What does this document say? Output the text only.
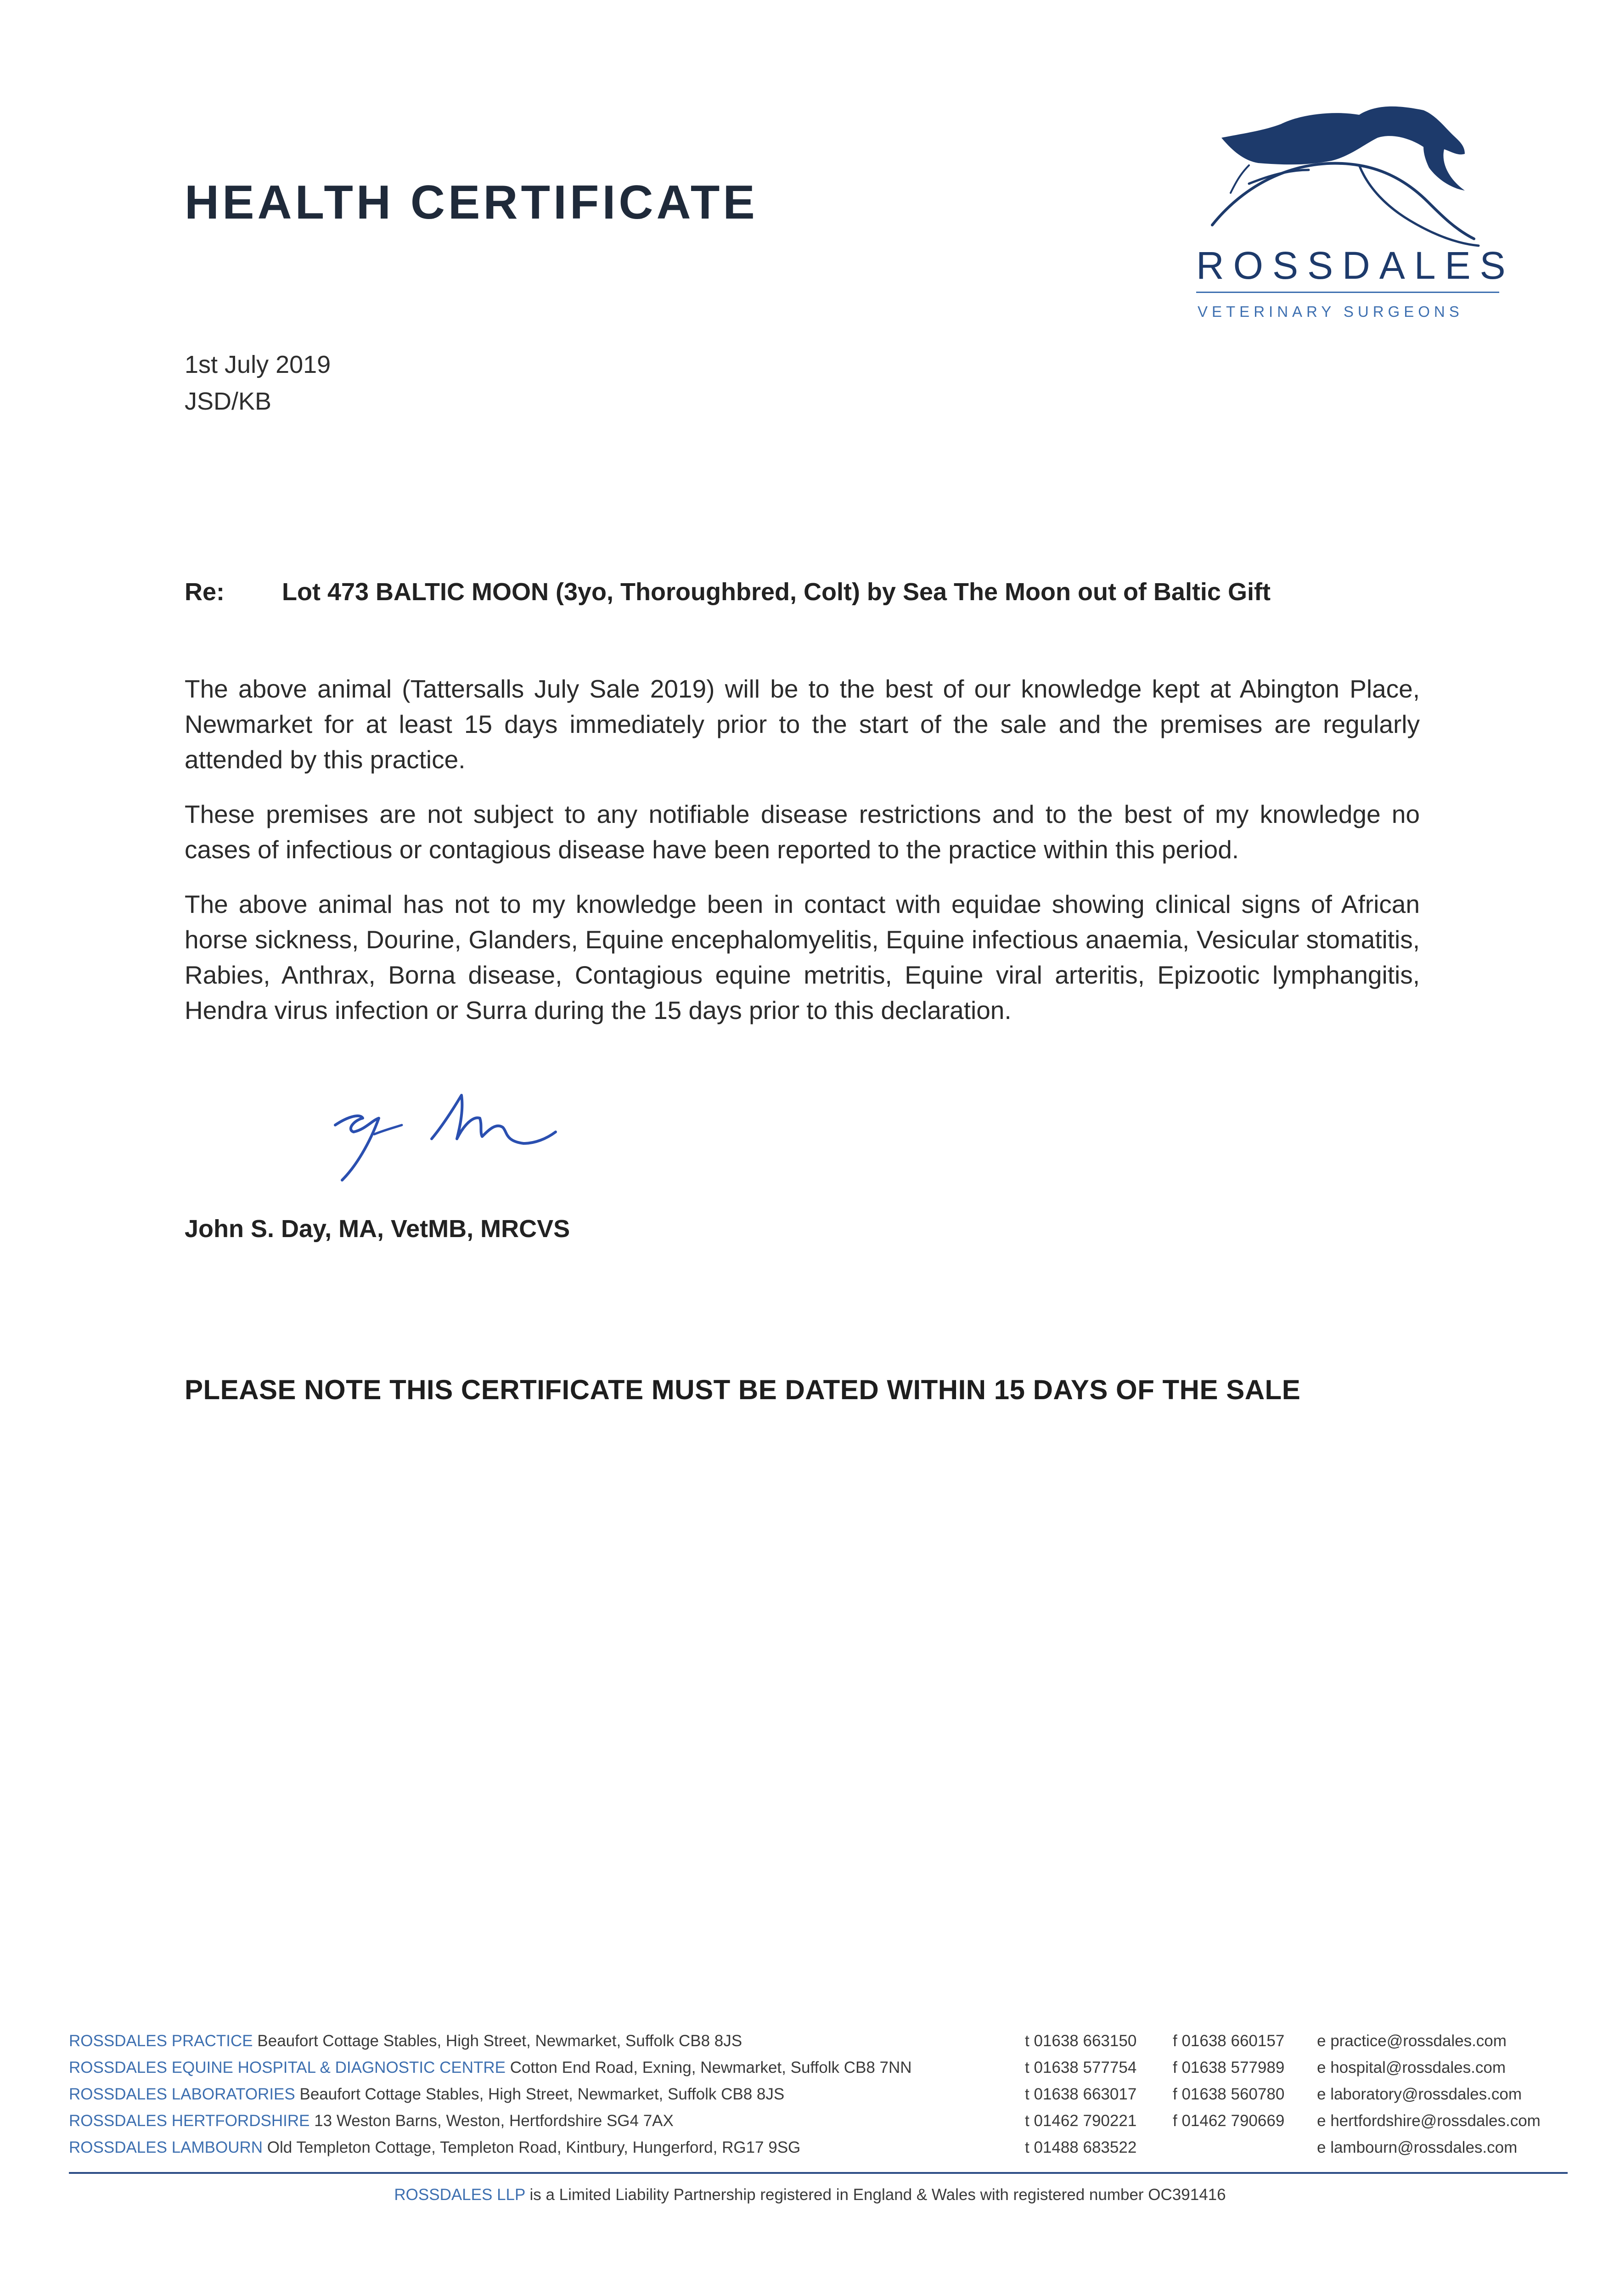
HEALTH CERTIFICATE
ROSSDALES
VETERINARY SURGEONS
1st July 2019
JSD/KB
Re: Lot 473 BALTIC MOON (3yo, Thoroughbred, Colt) by Sea The Moon out of Baltic Gift

The above animal (Tattersalls July Sale 2019) will be to the best of our knowledge kept at Abington Place, Newmarket for at least 15 days immediately prior to the start of the sale and the premises are regularly attended by this practice.

These premises are not subject to any notifiable disease restrictions and to the best of my knowledge no cases of infectious or contagious disease have been reported to the practice within this period.

The above animal has not to my knowledge been in contact with equidae showing clinical signs of African horse sickness, Dourine, Glanders, Equine encephalomyelitis, Equine infectious anaemia, Vesicular stomatitis, Rabies, Anthrax, Borna disease, Contagious equine metritis, Equine viral arteritis, Epizootic lymphangitis, Hendra virus infection or Surra during the 15 days prior to this declaration.

John S. Day, MA, VetMB, MRCVS
PLEASE NOTE THIS CERTIFICATE MUST BE DATED WITHIN 15 DAYS OF THE SALE
ROSSDALES PRACTICE Beaufort Cottage Stables, High Street, Newmarket, Suffolk CB8 8JS	t 01638 663150 f 01638 660157 e practice@rossdales.com
ROSSDALES EQUINE HOSPITAL & DIAGNOSTIC CENTRE Cotton End Road, Exning, Newmarket, Suffolk CB8 7NN	t 01638 577754 f 01638 577989 e hospital@rossdales.com
ROSSDALES LABORATORIES Beaufort Cottage Stables, High Street, Newmarket, Suffolk CB8 8JS	t 01638 663017 f 01638 560780 e laboratory@rossdales.com
ROSSDALES HERTFORDSHIRE 13 Weston Barns, Weston, Hertfordshire SG4 7AX	t 01462 790221 f 01462 790669 e hertfordshire@rossdales.com
ROSSDALES LAMBOURN Old Templeton Cottage, Templeton Road, Kintbury, Hungerford, RG17 9SG	t 01488 683522	e lambourn@rossdales.com
ROSSDALES LLP is a Limited Liability Partnership registered in England & Wales with registered number OC391416
